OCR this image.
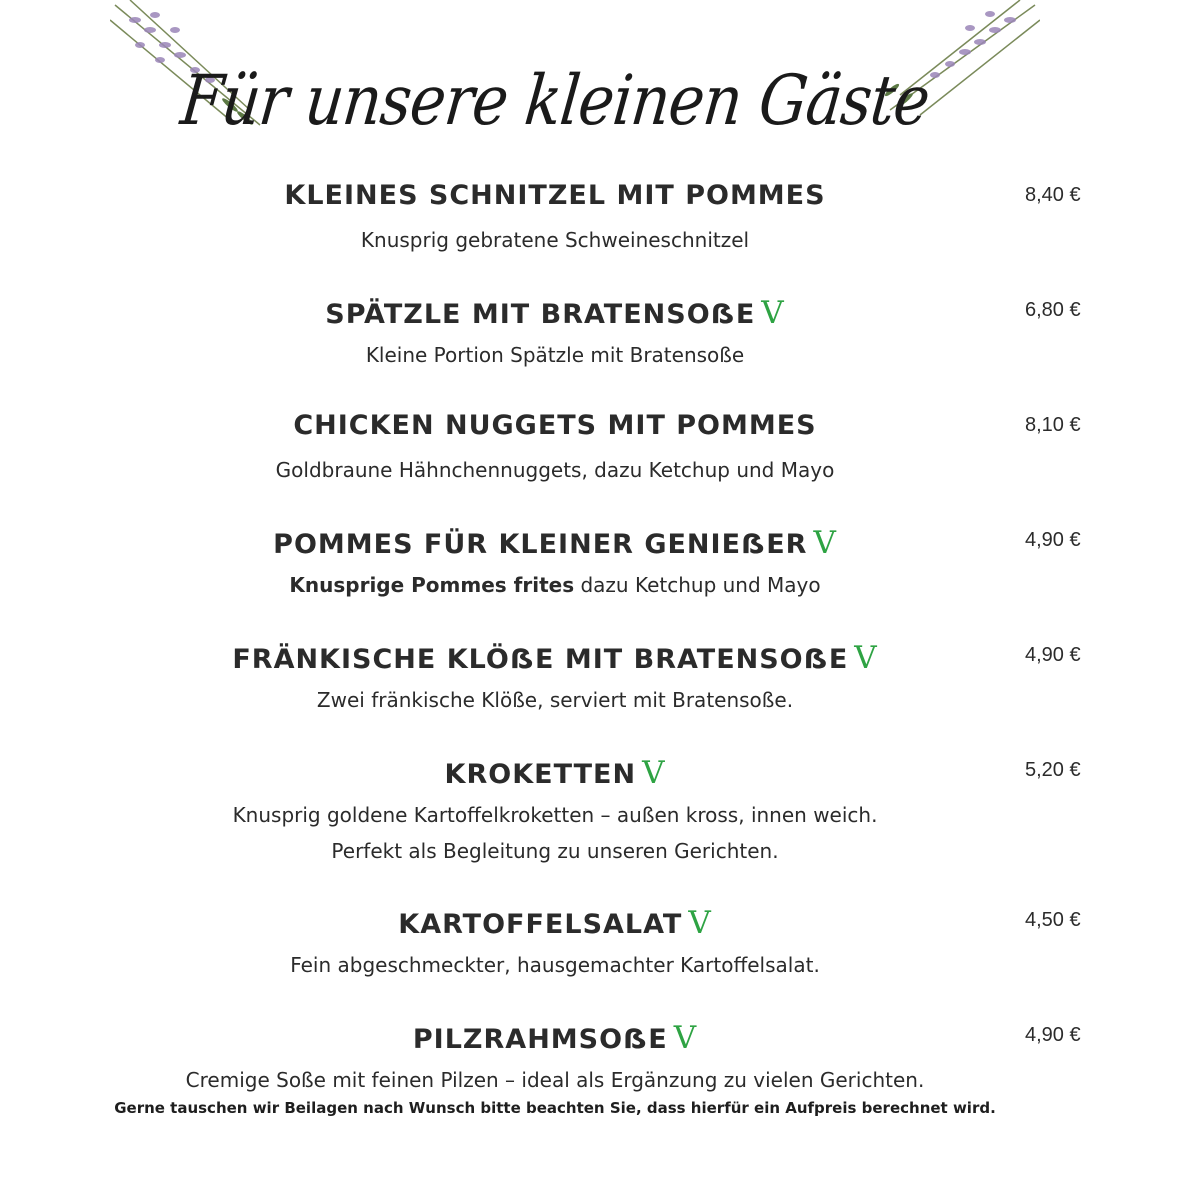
Für unsere kleinen Gäste
KLEINES SCHNITZEL MIT POMMES	8,40 €
Knusprig gebratene Schweineschnitzel
SPÄTZLE MIT BRATENSOẞE V	6,80 €
Kleine Portion Spätzle mit Bratensoße
CHICKEN NUGGETS MIT POMMES	8,10 €
Goldbraune Hähnchennuggets, dazu Ketchup und Mayo
POMMES FÜR KLEINER GENIEẞER V	4,90 €
Knusprige Pommes frites dazu Ketchup und Mayo
FRÄNKISCHE KLÖẞE MIT BRATENSOẞE V	4,90 €
Zwei fränkische Klöße, serviert mit Bratensoße.
KROKETTEN V	5,20 €
Knusprig goldene Kartoffelkroketten – außen kross, innen weich.
Perfekt als Begleitung zu unseren Gerichten.
KARTOFFELSALAT V	4,50 €
Fein abgeschmeckter, hausgemachter Kartoffelsalat.
PILZRAHMSOẞE V	4,90 €
Cremige Soße mit feinen Pilzen – ideal als Ergänzung zu vielen Gerichten.
Gerne tauschen wir Beilagen nach Wunsch bitte beachten Sie, dass hierfür ein Aufpreis berechnet wird.
